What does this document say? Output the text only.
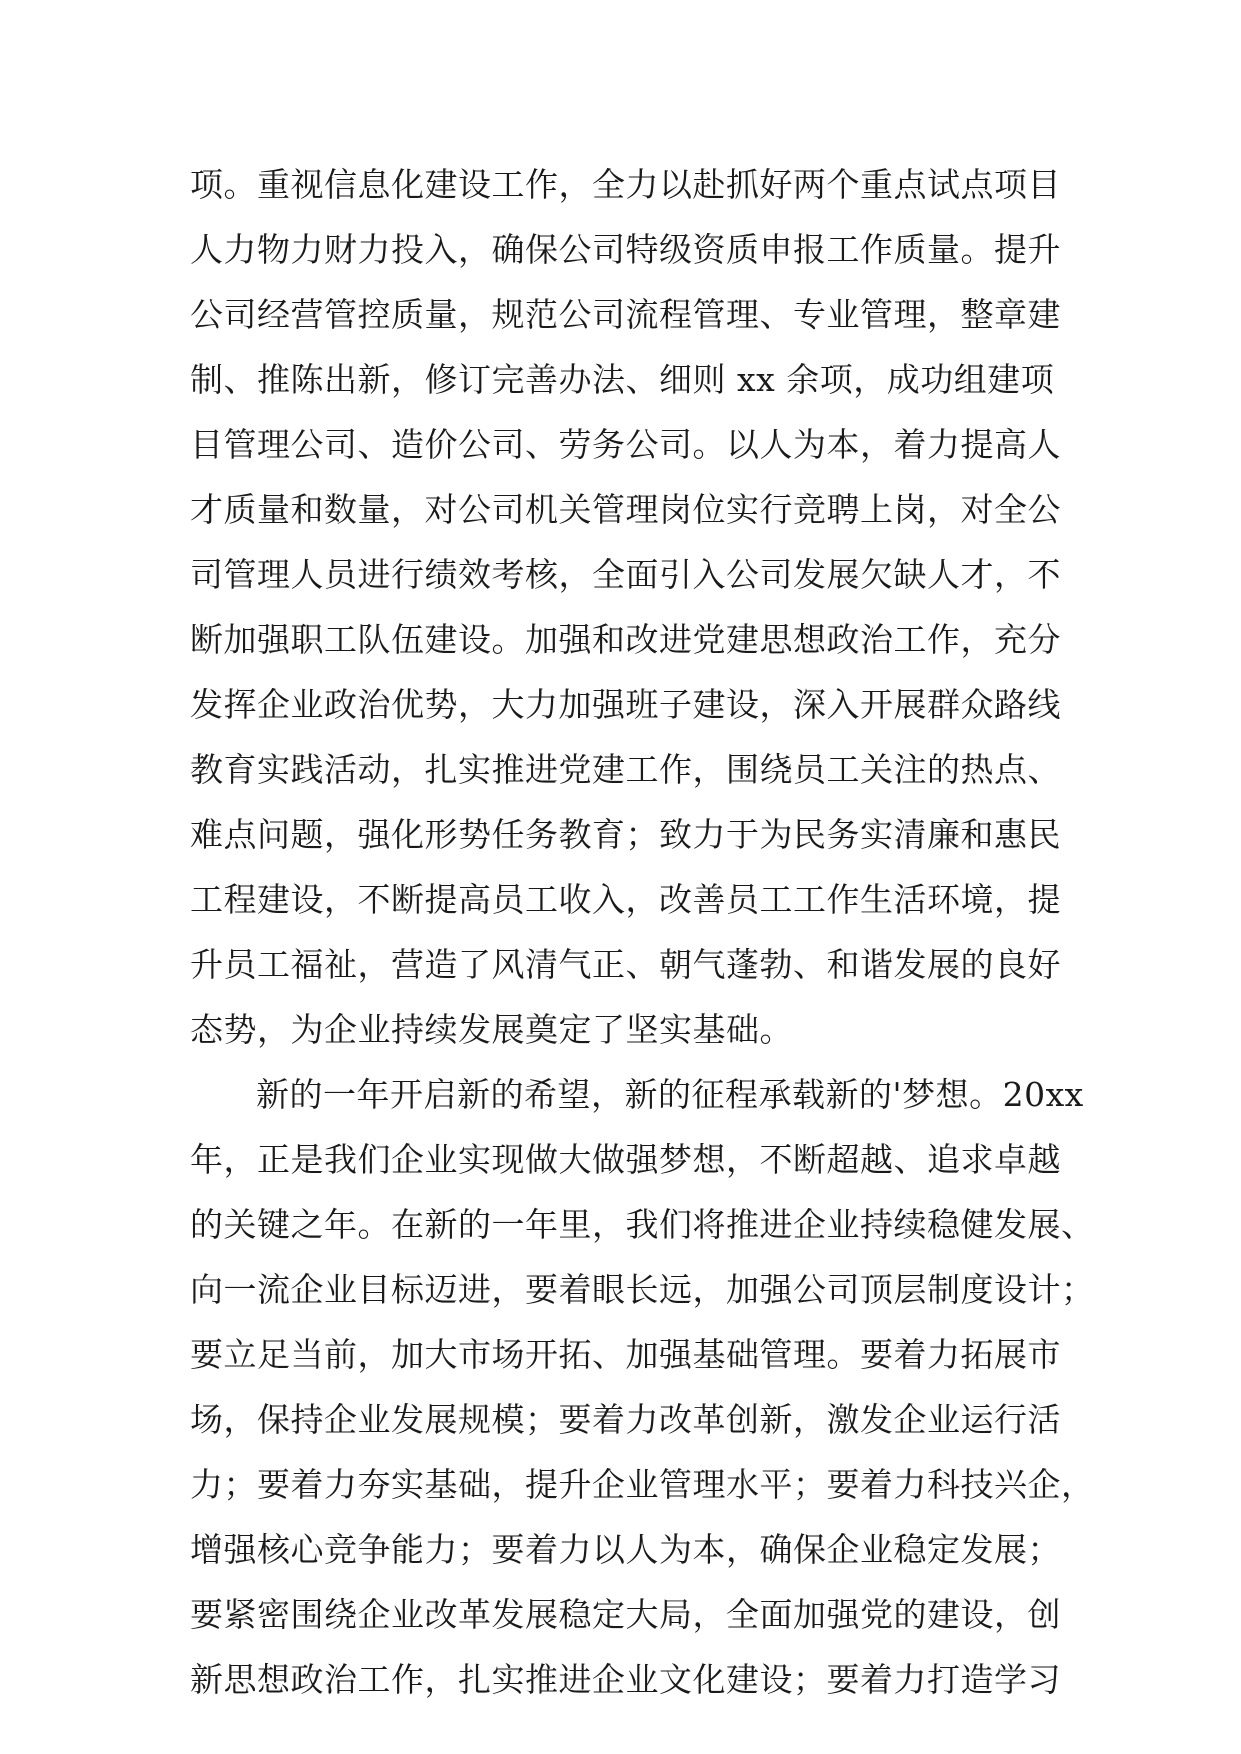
项。重视信息化建设工作，全力以赴抓好两个重点试点项目
人力物力财力投入，确保公司特级资质申报工作质量。提升
公司经营管控质量，规范公司流程管理、专业管理，整章建
制、推陈出新，修订完善办法、细则 xx 余项，成功组建项
目管理公司、造价公司、劳务公司。以人为本，着力提高人
才质量和数量，对公司机关管理岗位实行竞聘上岗，对全公
司管理人员进行绩效考核，全面引入公司发展欠缺人才，不
断加强职工队伍建设。加强和改进党建思想政治工作，充分
发挥企业政治优势，大力加强班子建设，深入开展群众路线
教育实践活动，扎实推进党建工作，围绕员工关注的热点、
难点问题，强化形势任务教育；致力于为民务实清廉和惠民
工程建设，不断提高员工收入，改善员工工作生活环境，提
升员工福祉，营造了风清气正、朝气蓬勃、和谐发展的良好
态势，为企业持续发展奠定了坚实基础。
新的一年开启新的希望，新的征程承载新的'梦想。20xx
年，正是我们企业实现做大做强梦想，不断超越、追求卓越
的关键之年。在新的一年里，我们将推进企业持续稳健发展、
向一流企业目标迈进，要着眼长远，加强公司顶层制度设计；
要立足当前，加大市场开拓、加强基础管理。要着力拓展市
场，保持企业发展规模；要着力改革创新，激发企业运行活
力；要着力夯实基础，提升企业管理水平；要着力科技兴企，
增强核心竞争能力；要着力以人为本，确保企业稳定发展；
要紧密围绕企业改革发展稳定大局，全面加强党的建设，创
新思想政治工作，扎实推进企业文化建设；要着力打造学习
